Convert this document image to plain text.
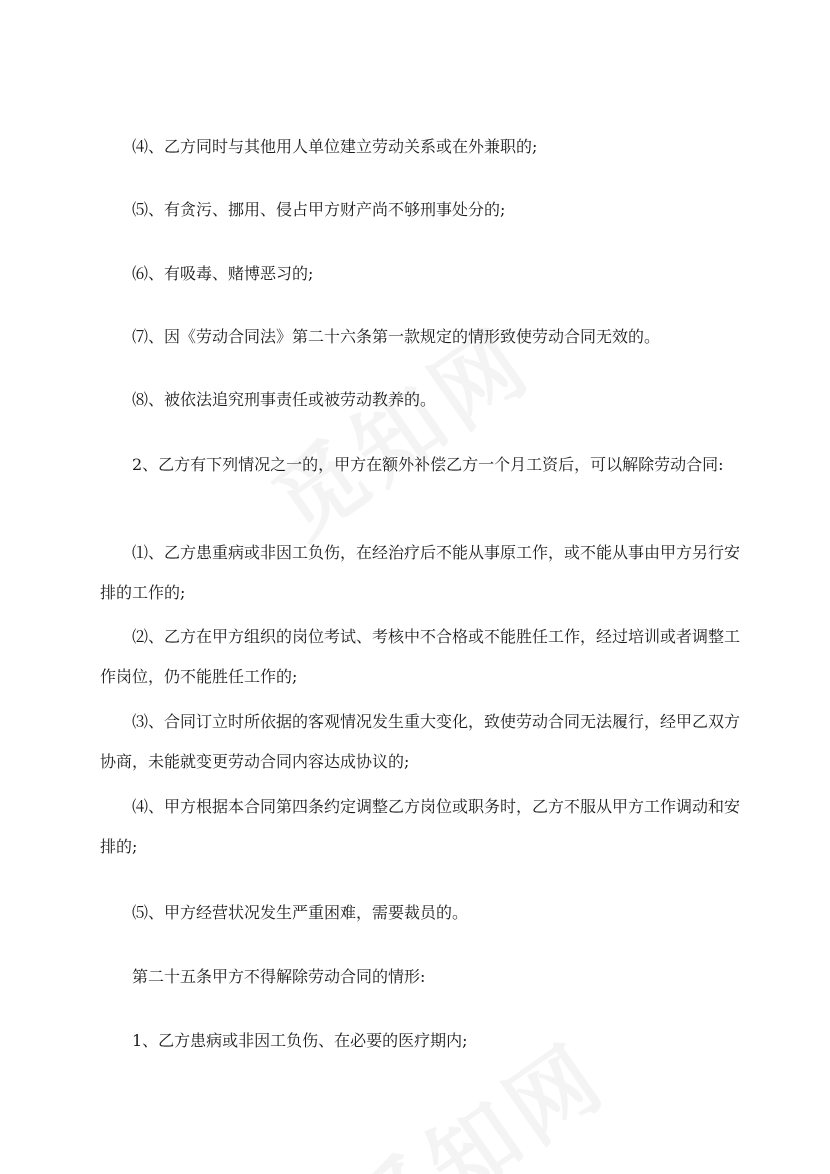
⑷、乙方同时与其他用人单位建立劳动关系或在外兼职的;

⑸、有贪污、挪用、侵占甲方财产尚不够刑事处分的;

⑹、有吸毒、赌博恶习的;

⑺、因《劳动合同法》第二十六条第一款规定的情形致使劳动合同无效的。

⑻、被依法追究刑事责任或被劳动教养的。

2、乙方有下列情况之一的，甲方在额外补偿乙方一个月工资后，可以解除劳动合同:

⑴、乙方患重病或非因工负伤，在经治疗后不能从事原工作，或不能从事由甲方另行安排的工作的;

⑵、乙方在甲方组织的岗位考试、考核中不合格或不能胜任工作，经过培训或者调整工作岗位，仍不能胜任工作的;

⑶、合同订立时所依据的客观情况发生重大变化，致使劳动合同无法履行，经甲乙双方协商，未能就变更劳动合同内容达成协议的;

⑷、甲方根据本合同第四条约定调整乙方岗位或职务时，乙方不服从甲方工作调动和安排的;

⑸、甲方经营状况发生严重困难，需要裁员的。

第二十五条甲方不得解除劳动合同的情形:

1、乙方患病或非因工负伤、在必要的医疗期内;
